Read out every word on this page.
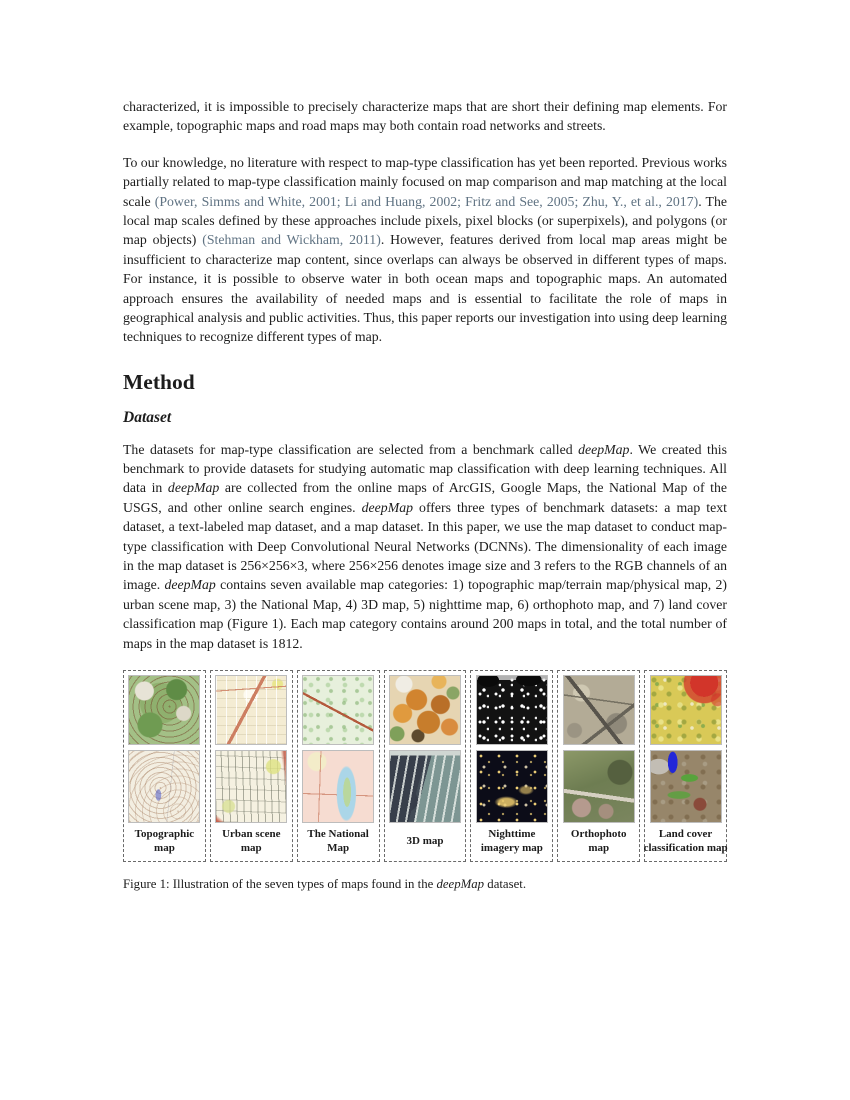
characterized, it is impossible to precisely characterize maps that are short their defining map elements. For example, topographic maps and road maps may both contain road networks and streets.

To our knowledge, no literature with respect to map-type classification has yet been reported. Previous works partially related to map-type classification mainly focused on map comparison and map matching at the local scale (Power, Simms and White, 2001; Li and Huang, 2002; Fritz and See, 2005; Zhu, Y., et al., 2017). The local map scales defined by these approaches include pixels, pixel blocks (or superpixels), and polygons (or map objects) (Stehman and Wickham, 2011). However, features derived from local map areas might be insufficient to characterize map content, since overlaps can always be observed in different types of maps. For instance, it is possible to observe water in both ocean maps and topographic maps. An automated approach ensures the availability of needed maps and is essential to facilitate the role of maps in geographical analysis and public activities. Thus, this paper reports our investigation into using deep learning techniques to recognize different types of map.

Method
Dataset

The datasets for map-type classification are selected from a benchmark called deepMap. We created this benchmark to provide datasets for studying automatic map classification with deep learning techniques. All data in deepMap are collected from the online maps of ArcGIS, Google Maps, the National Map of the USGS, and other online search engines. deepMap offers three types of benchmark datasets: a map text dataset, a text-labeled map dataset, and a map dataset. In this paper, we use the map dataset to conduct map-type classification with Deep Convolutional Neural Networks (DCNNs). The dimensionality of each image in the map dataset is 256×256×3, where 256×256 denotes image size and 3 refers to the RGB channels of an image. deepMap contains seven available map categories: 1) topographic map/terrain map/physical map, 2) urban scene map, 3) the National Map, 4) 3D map, 5) nighttime map, 6) orthophoto map, and 7) land cover classification map (Figure 1). Each map category contains around 200 maps in total, and the total number of maps in the map dataset is 1812.

Topographic
map
Urban scene
map
The National
Map
3D map
Nighttime
imagery map
Orthophoto
map
Land cover
classification map
Figure 1: Illustration of the seven types of maps found in the deepMap dataset.
